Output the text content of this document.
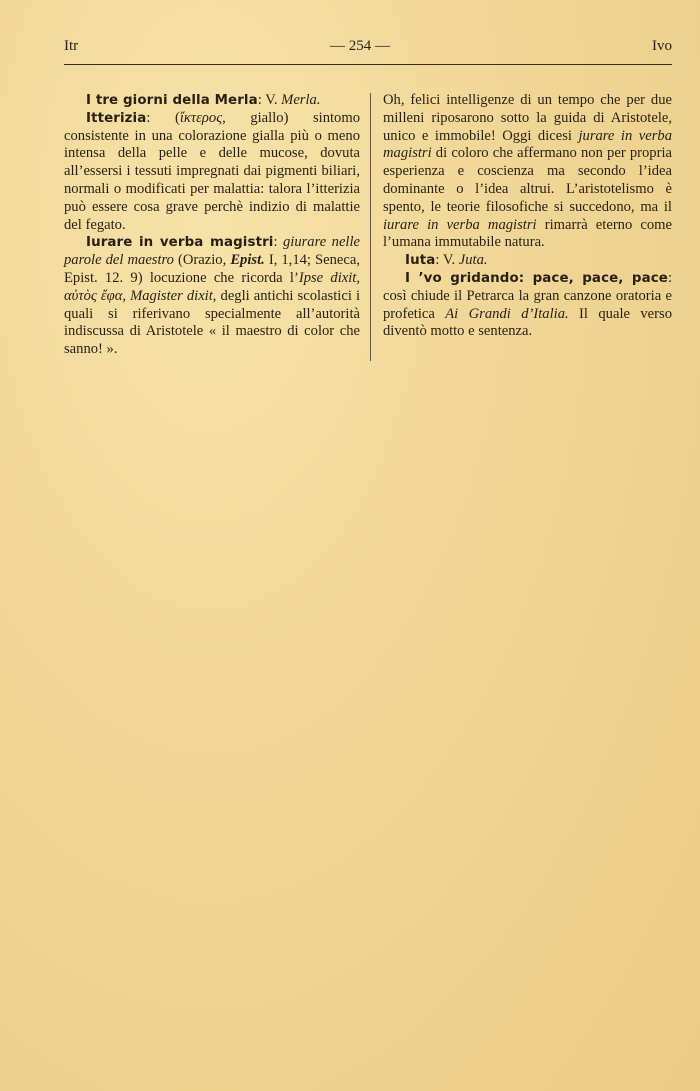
Itr	— 254 —	Ivo

I tre giorni della Merla: V. Merla.

Itterizia: (ἴκτερος, giallo) sintomo consistente in una colorazione gialla più o meno intensa della pelle e delle mucose, dovuta all’essersi i tessuti impregnati dai pigmenti biliari, normali o modificati per malattia: talora l’itterizia può essere cosa grave perchè indizio di malattie del fegato.

Iurare in verba magistri: giurare nelle parole del maestro (Orazio, Epist. I, 1,14; Seneca, Epist. 12. 9) locuzione che ricorda l’Ipse dixit, αὐτὸς ἔφα, Magister dixit, degli antichi scolastici i quali si riferivano specialmente all’autorità indiscussa di Aristotele « il maestro di color che sanno! ».

Oh, felici intelligenze di un tempo che per due milleni riposarono sotto la guida di Aristotele, unico e immobile! Oggi dicesi jurare in verba magistri di coloro che affermano non per propria esperienza e coscienza ma secondo l’idea dominante o l’idea altrui. L’aristotelismo è spento, le teorie filosofiche si succedono, ma il iurare in verba magistri rimarrà eterno come l’umana immutabile natura.

Iuta: V. Juta.

I ’vo gridando: pace, pace, pace: così chiude il Petrarca la gran canzone oratoria e profetica Ai Grandi d’Italia. Il quale verso diventò motto e sentenza.
